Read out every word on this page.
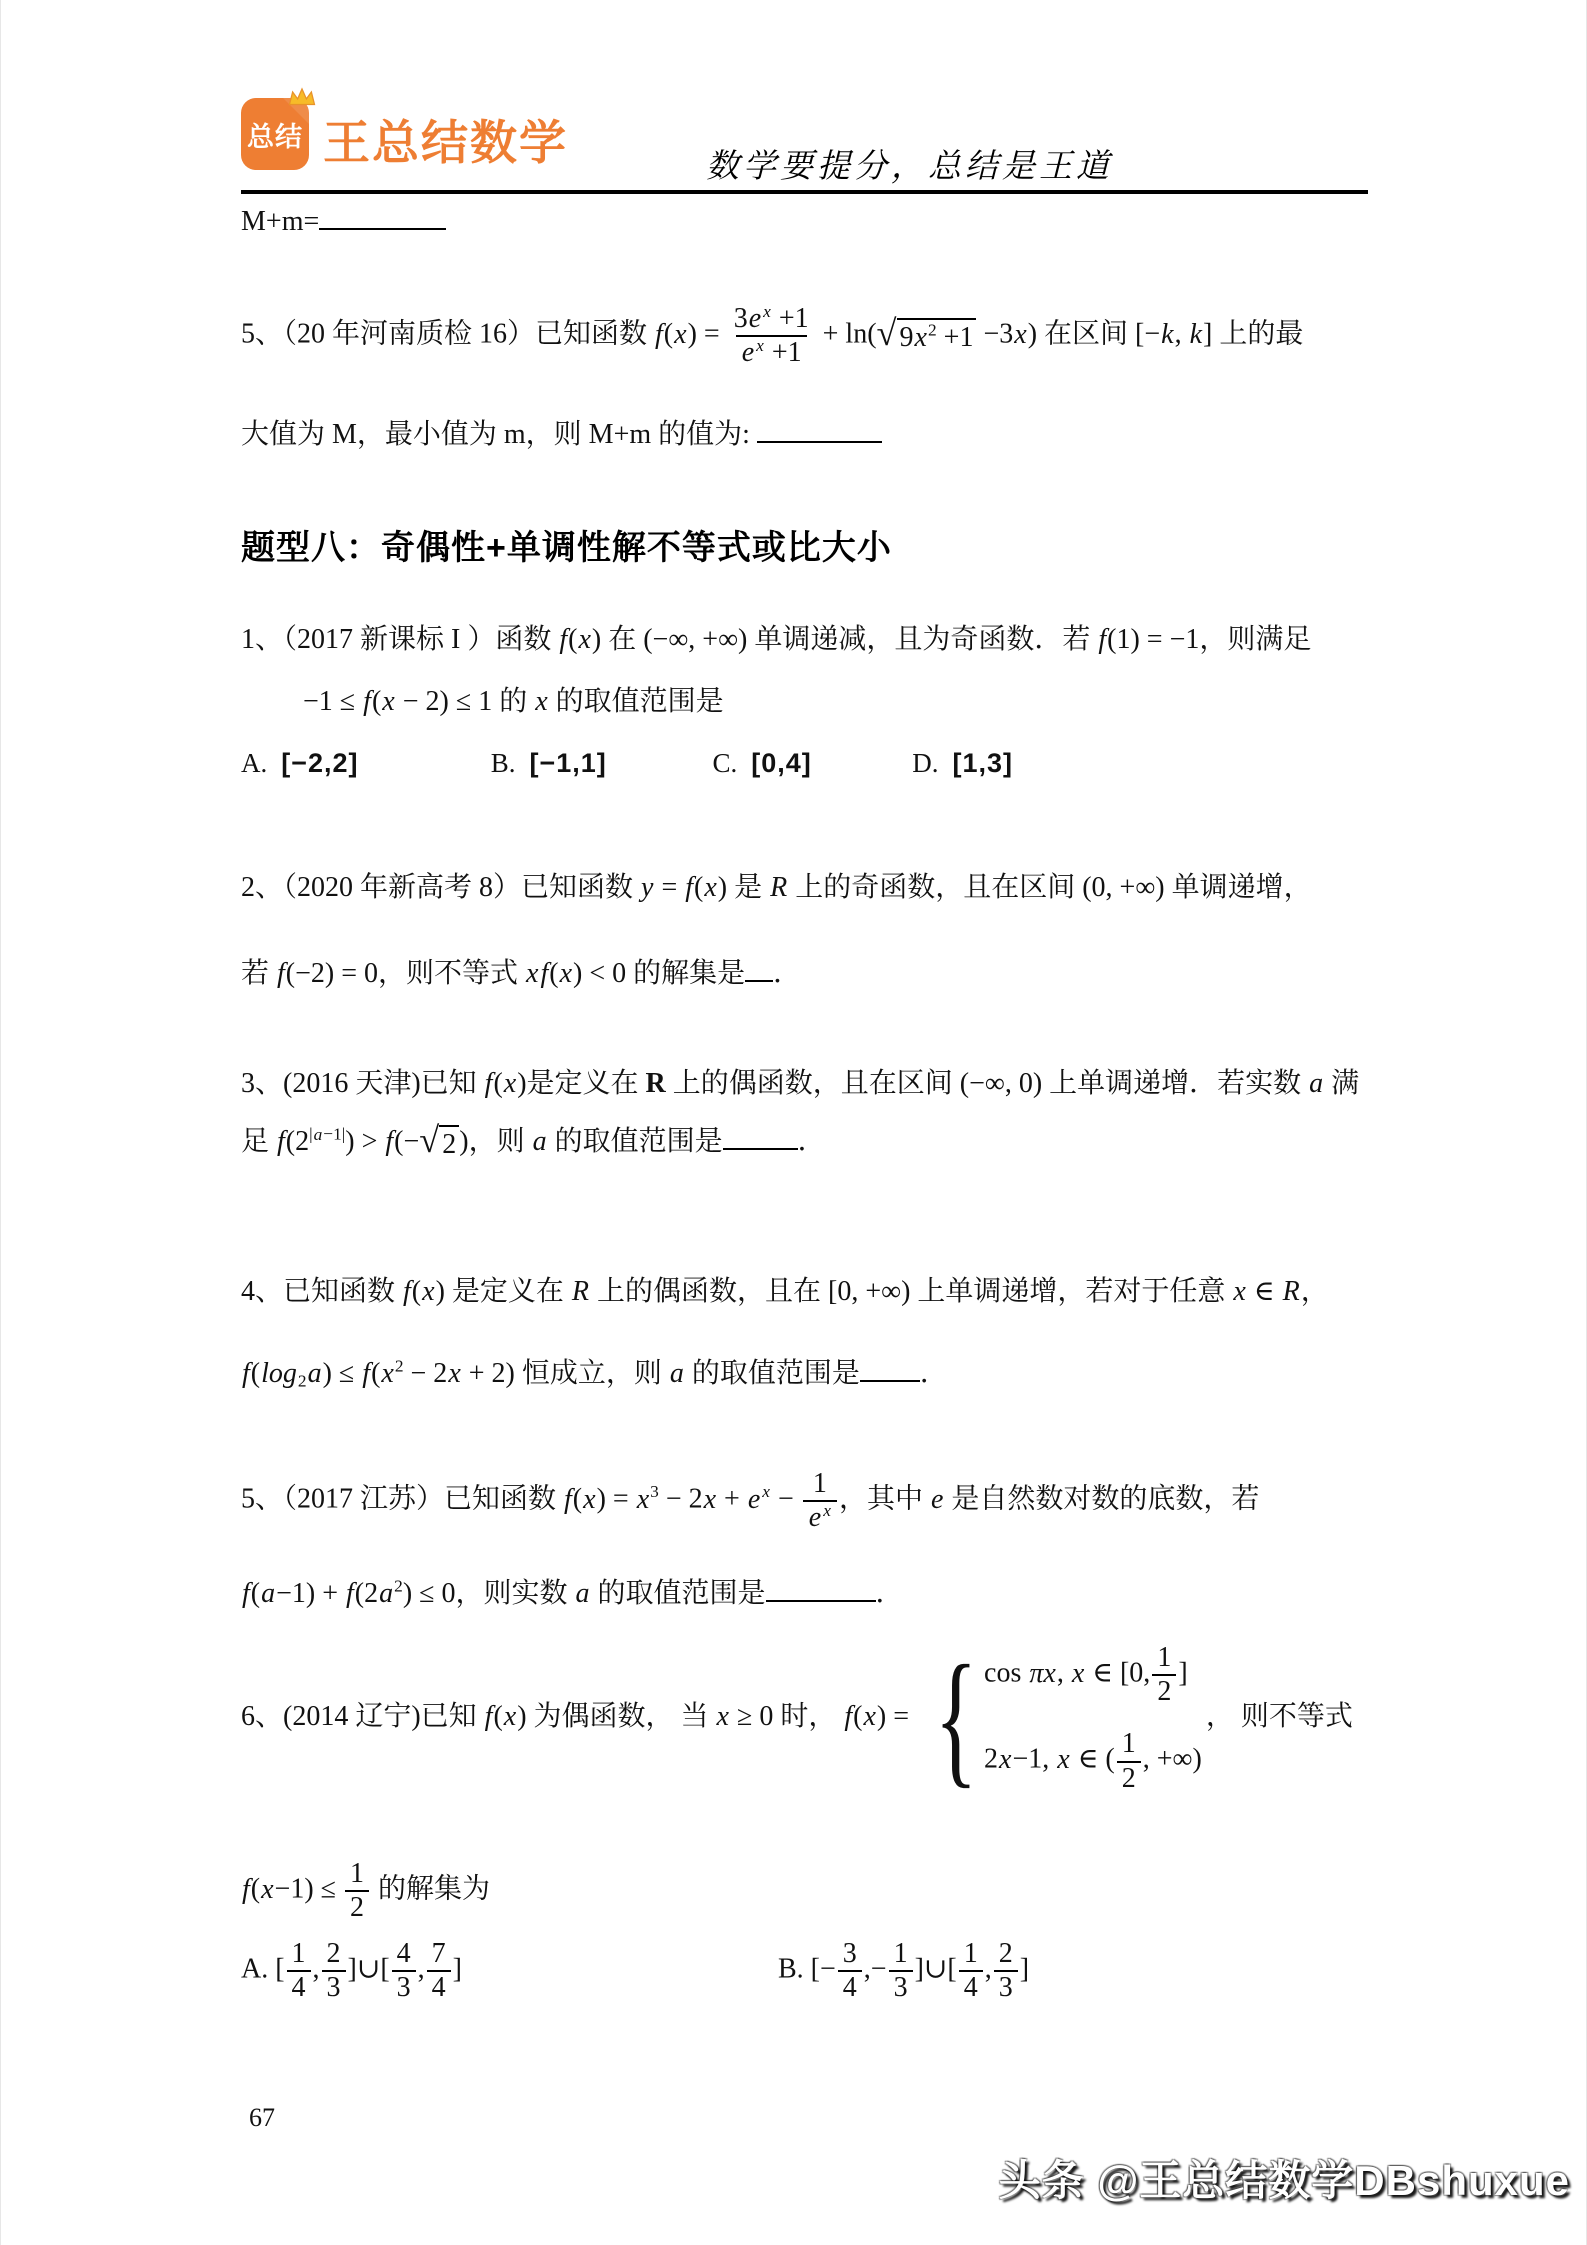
总结 王总结数学	数学要提分，总结是王道
M+m=
5、（20 年河南质检 16）已知函数 $f(x) = \frac{3e ^x +1}{e ^x +1} + \ln$( √ $9x^2 +1 -3x$) 在区间 [−k, k] 上的最
大值为 M，最小值为 m，则 M+m 的值为:
题型八：奇偶性+单调性解不等式或比大小
1、（2017 新课标 I ）函数 f(x) 在 (−∞, +∞) 单调递减，且为奇函数．若 f(1) = −1，则满足
−1 ≤ f(x − 2) ≤ 1 的 x 的取值范围是
A. [−2,2]	B. [−1,1]	C. [0,4]	D. [1,3]
2、（2020 年新高考 8）已知函数 y = f(x) 是 R 上的奇函数，且在区间 (0, +∞) 单调递增，
若 f(−2) = 0，则不等式 xf(x) < 0 的解集是 ．
3、(2016 天津)已知 f(x)是定义在 R 上的偶函数，且在区间 (−∞, 0) 上单调递增．若实数 a 满
足 $f(2^{|a-1|}) > f(-$ √ 2 )，则 a 的取值范围是	．
4、已知函数 f(x) 是定义在 R 上的偶函数，且在 [0, +∞) 上单调递增，若对于任意 x ∈ R，
$f(\log 2a) \le f(x^2 - 2x + 2)$ 恒成立，则 a 的取值范围是 ．
5、（2017 江苏）已知函数 $f(x) = x^3 - 2x + e$ $^x - \frac{1}{e ^x}$ ，其中 e 是自然数对数的底数，若
$f(a-1) + f(2a^2) \le 0$，则实数 a 的取值范围是	．
6、(2014 辽宁)已知 f(x) 为偶函数， 当 x ≥ 0 时， f(x) = { cos πx, x ∈ [0, $\frac{1}{2}$ ]
2x−1, x ∈ ( $\frac{1}{2}$ , +∞)
， 则不等式
$f(x-1) \le \frac{1}{2}$ 的解集为
A. [ $\frac{1}{4}$ , $\frac{2}{3}$ ]∪[ $\frac{4}{3}$ , $\frac{7}{4}$ ]	B. [− $\frac{3}{4}$ ,− $\frac{1}{3}$ ]∪[ $\frac{1}{4}$ , $\frac{2}{3}$ ]
67
头条 @王总结数学DBshuxue
